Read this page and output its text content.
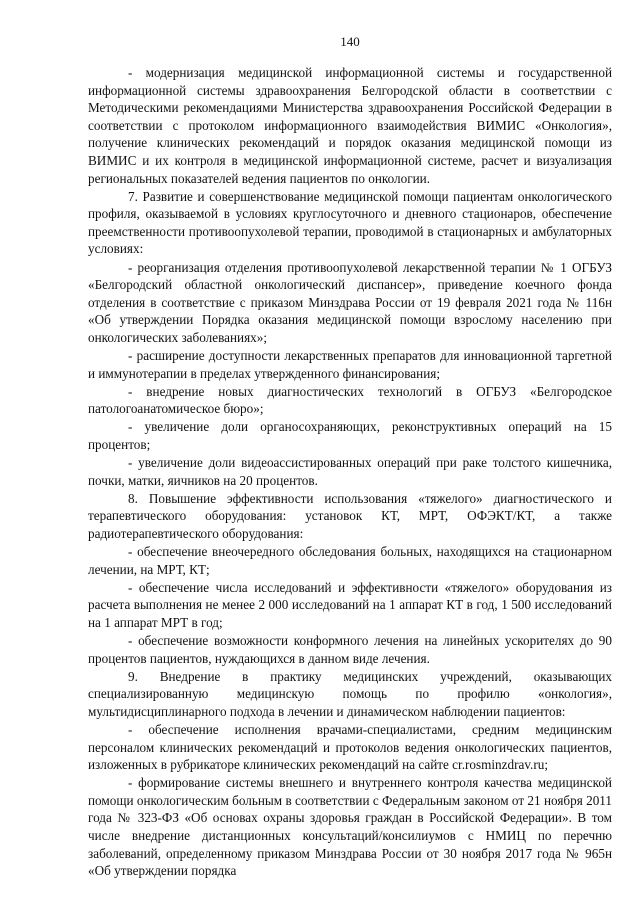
140

- модернизация медицинской информационной системы и государственной информационной системы здравоохранения Белгородской области в соответствии с Методическими рекомендациями Министерства здравоохранения Российской Федерации в соответствии с протоколом информационного взаимодействия ВИМИС «Онкология», получение клинических рекомендаций и порядок оказания медицинской помощи из ВИМИС и их контроля в медицинской информационной системе, расчет и визуализация региональных показателей ведения пациентов по онкологии.

7. Развитие и совершенствование медицинской помощи пациентам онкологического профиля, оказываемой в условиях круглосуточного и дневного стационаров, обеспечение преемственности противоопухолевой терапии, проводимой в стационарных и амбулаторных условиях:

- реорганизация отделения противоопухолевой лекарственной терапии № 1 ОГБУЗ «Белгородский областной онкологический диспансер», приведение коечного фонда отделения в соответствие с приказом Минздрава России от 19 февраля 2021 года № 116н «Об утверждении Порядка оказания медицинской помощи взрослому населению при онкологических заболеваниях»;

- расширение доступности лекарственных препаратов для инновационной таргетной и иммунотерапии в пределах утвержденного финансирования;

- внедрение новых диагностических технологий в ОГБУЗ «Белгородское патологоанатомическое бюро»;

- увеличение доли органосохраняющих, реконструктивных операций на 15 процентов;

- увеличение доли видеоассистированных операций при раке толстого кишечника, почки, матки, яичников на 20 процентов.

8. Повышение эффективности использования «тяжелого» диагностического и терапевтического оборудования: установок КТ, МРТ, ОФЭКТ/КТ, а также радиотерапевтического оборудования:

- обеспечение внеочередного обследования больных, находящихся на стационарном лечении, на МРТ, КТ;

- обеспечение числа исследований и эффективности «тяжелого» оборудования из расчета выполнения не менее 2 000 исследований на 1 аппарат КТ в год, 1 500 исследований на 1 аппарат МРТ в год;

- обеспечение возможности конформного лечения на линейных ускорителях до 90 процентов пациентов, нуждающихся в данном виде лечения.

9. Внедрение в практику медицинских учреждений, оказывающих специализированную медицинскую помощь по профилю «онкология», мультидисциплинарного подхода в лечении и динамическом наблюдении пациентов:

- обеспечение исполнения врачами-специалистами, средним медицинским персоналом клинических рекомендаций и протоколов ведения онкологических пациентов, изложенных в рубрикаторе клинических рекомендаций на сайте cr.rosminzdrav.ru;

- формирование системы внешнего и внутреннего контроля качества медицинской помощи онкологическим больным в соответствии с Федеральным законом от 21 ноября 2011 года № 323-ФЗ «Об основах охраны здоровья граждан в Российской Федерации». В том числе внедрение дистанционных консультаций/консилиумов с НМИЦ по перечню заболеваний, определенному приказом Минздрава России от 30 ноября 2017 года № 965н «Об утверждении порядка
